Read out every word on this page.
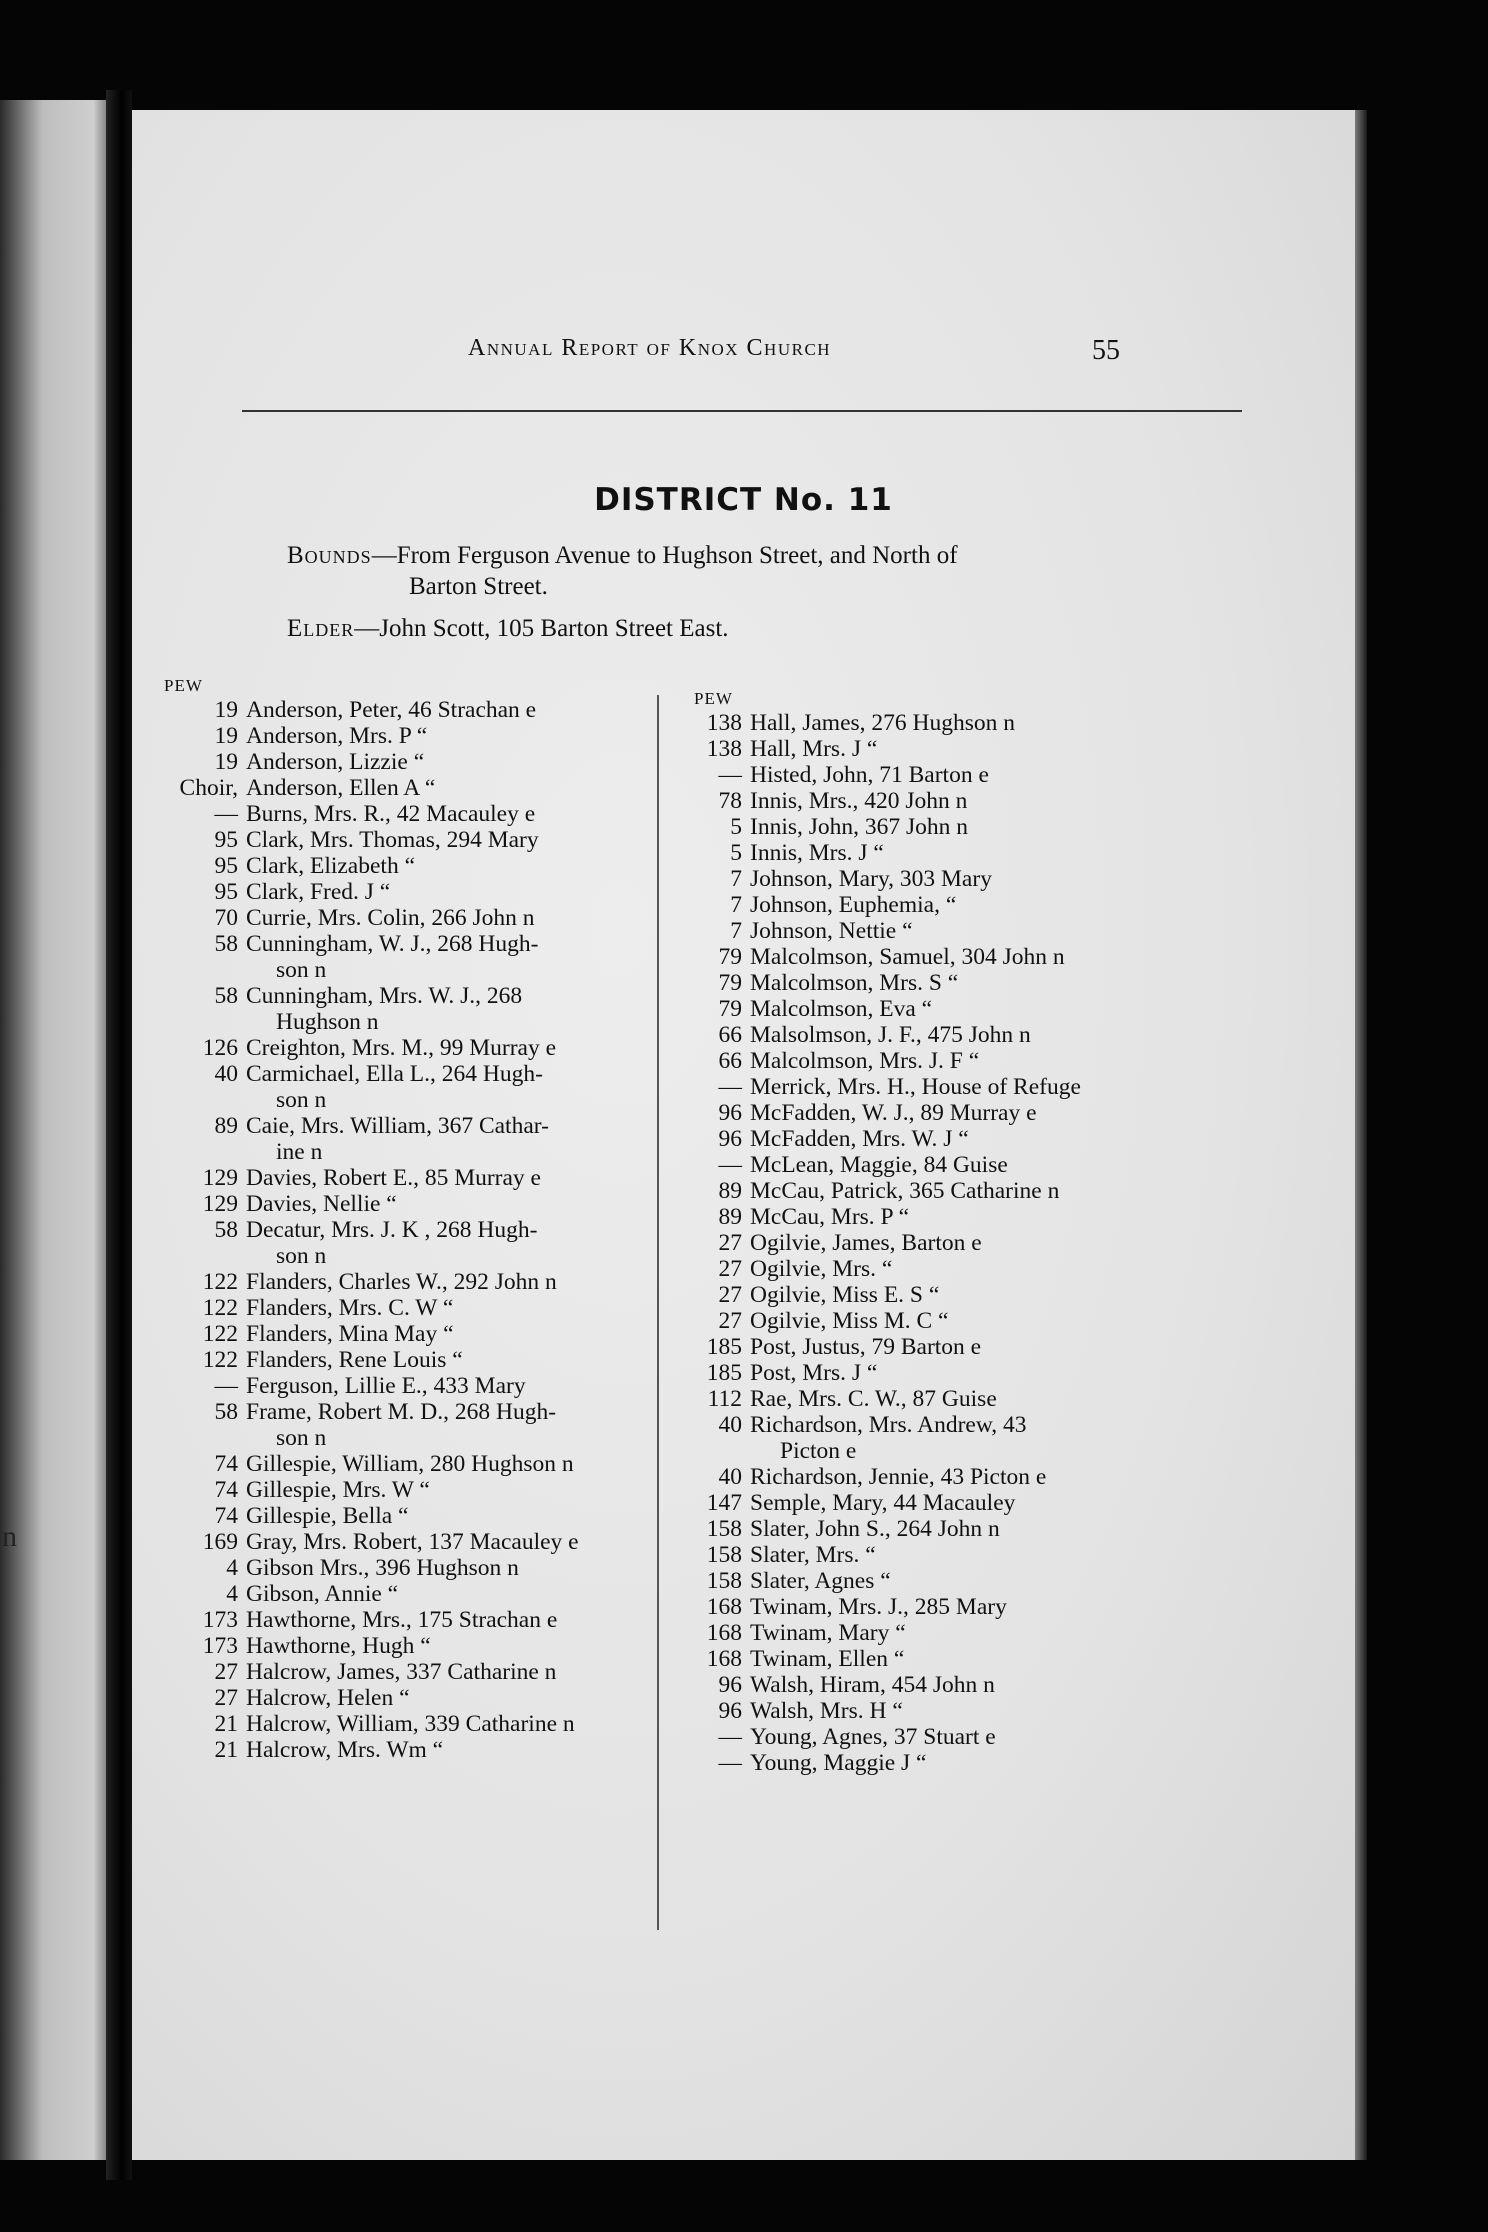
n
Annual Report of Knox Church	55
DISTRICT No. 11
Bounds—From Ferguson Avenue to Hughson Street, and North of
Barton Street.
Elder—John Scott, 105 Barton Street East.
PEW
19 Anderson, Peter, 46 Strachan e
19 Anderson, Mrs. P “
19 Anderson, Lizzie “
Choir, Anderson, Ellen A “
— Burns, Mrs. R., 42 Macauley e
95 Clark, Mrs. Thomas, 294 Mary
95 Clark, Elizabeth “
95 Clark, Fred. J “
70 Currie, Mrs. Colin, 266 John n
58 Cunningham, W. J., 268 Hugh-
son n
58 Cunningham, Mrs. W. J., 268
Hughson n
126 Creighton, Mrs. M., 99 Murray e
40 Carmichael, Ella L., 264 Hugh-
son n
89 Caie, Mrs. William, 367 Cathar-
ine n
129 Davies, Robert E., 85 Murray e
129 Davies, Nellie “
58 Decatur, Mrs. J. K , 268 Hugh-
son n
122 Flanders, Charles W., 292 John n
122 Flanders, Mrs. C. W “
122 Flanders, Mina May “
122 Flanders, Rene Louis “
— Ferguson, Lillie E., 433 Mary
58 Frame, Robert M. D., 268 Hugh-
son n
74 Gillespie, William, 280 Hughson n
74 Gillespie, Mrs. W “
74 Gillespie, Bella “
169 Gray, Mrs. Robert, 137 Macauley e
4 Gibson Mrs., 396 Hughson n
4 Gibson, Annie “
173 Hawthorne, Mrs., 175 Strachan e
173 Hawthorne, Hugh “
27 Halcrow, James, 337 Catharine n
27 Halcrow, Helen “
21 Halcrow, William, 339 Catharine n
21 Halcrow, Mrs. Wm “
PEW
138 Hall, James, 276 Hughson n
138 Hall, Mrs. J “
— Histed, John, 71 Barton e
78 Innis, Mrs., 420 John n
5 Innis, John, 367 John n
5 Innis, Mrs. J “
7 Johnson, Mary, 303 Mary
7 Johnson, Euphemia, “
7 Johnson, Nettie “
79 Malcolmson, Samuel, 304 John n
79 Malcolmson, Mrs. S “
79 Malcolmson, Eva “
66 Malsolmson, J. F., 475 John n
66 Malcolmson, Mrs. J. F “
— Merrick, Mrs. H., House of Refuge
96 McFadden, W. J., 89 Murray e
96 McFadden, Mrs. W. J “
— McLean, Maggie, 84 Guise
89 McCau, Patrick, 365 Catharine n
89 McCau, Mrs. P “
27 Ogilvie, James, Barton e
27 Ogilvie, Mrs. “
27 Ogilvie, Miss E. S “
27 Ogilvie, Miss M. C “
185 Post, Justus, 79 Barton e
185 Post, Mrs. J “
112 Rae, Mrs. C. W., 87 Guise
40 Richardson, Mrs. Andrew, 43
Picton e
40 Richardson, Jennie, 43 Picton e
147 Semple, Mary, 44 Macauley
158 Slater, John S., 264 John n
158 Slater, Mrs. “
158 Slater, Agnes “
168 Twinam, Mrs. J., 285 Mary
168 Twinam, Mary “
168 Twinam, Ellen “
96 Walsh, Hiram, 454 John n
96 Walsh, Mrs. H “
— Young, Agnes, 37 Stuart e
— Young, Maggie J “
